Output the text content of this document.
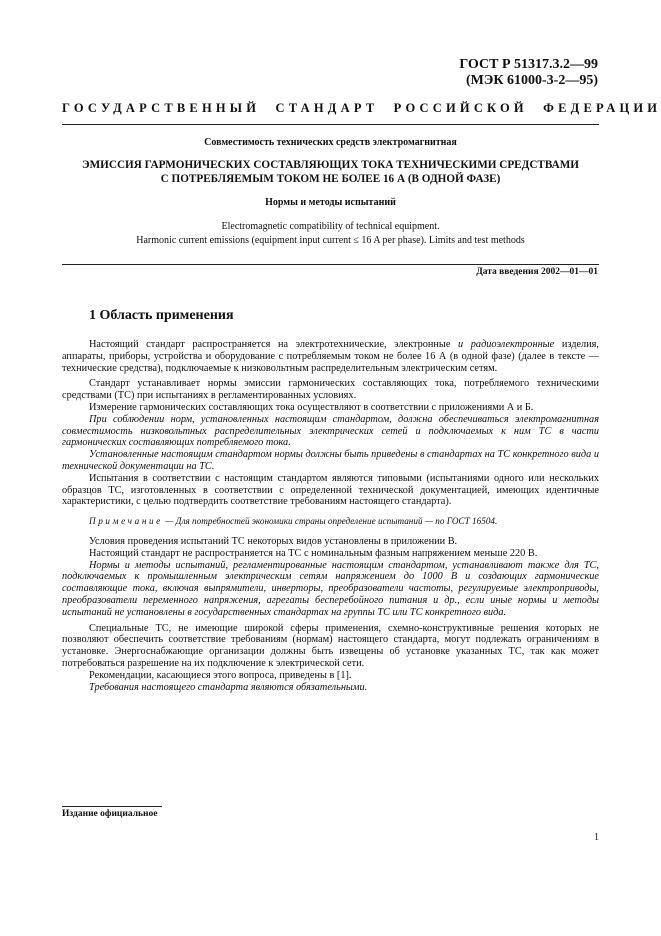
ГОСТ Р 51317.3.2—99
(МЭК 61000-3-2—95)
ГОСУДАРСТВЕННЫЙ СТАНДАРТ РОССИЙСКОЙ ФЕДЕРАЦИИ
Совместимость технических средств электромагнитная
ЭМИССИЯ ГАРМОНИЧЕСКИХ СОСТАВЛЯЮЩИХ ТОКА ТЕХНИЧЕСКИМИ СРЕДСТВАМИ
С ПОТРЕБЛЯЕМЫМ ТОКОМ НЕ БОЛЕЕ 16 А (В ОДНОЙ ФАЗЕ)
Нормы и методы испытаний
Electromagnetic compatibility of technical equipment.
Harmonic current emissions (equipment input current ≤ 16 A per phase). Limits and test methods
Дата введения 2002—01—01
1 Область применения

Настоящий стандарт распространяется на электротехнические, электронные и радиоэлектронные изделия, аппараты, приборы, устройства и оборудование с потребляемым током не более 16 А (в одной фазе) (далее в тексте — технические средства), подключаемые к низковольтным распределительным электрическим сетям.

Стандарт устанавливает нормы эмиссии гармонических составляющих тока, потребляемого техническими средствами (ТС) при испытаниях в регламентированных условиях.

Измерение гармонических составляющих тока осуществляют в соответствии с приложениями А и Б.

При соблюдении норм, установленных настоящим стандартом, должна обеспечиваться электромагнитная совместимость низковольтных распределительных электрических сетей и подключаемых к ним ТС в части гармонических составляющих потребляемого тока.

Установленные настоящим стандартом нормы должны быть приведены в стандартах на ТС конкретного вида и технической документации на ТС.

Испытания в соответствии с настоящим стандартом являются типовыми (испытаниями одного или нескольких образцов ТС, изготовленных в соответствии с определенной технической документацией, имеющих идентичные характеристики, с целью подтвердить соответствие требованиям настоящего стандарта).

Примечание — Для потребностей экономики страны определение испытаний — по ГОСТ 16504.

Условия проведения испытаний ТС некоторых видов установлены в приложении В.

Настоящий стандарт не распространяется на ТС с номинальным фазным напряжением меньше 220 В.

Нормы и методы испытаний, регламентированные настоящим стандартом, устанавливают также для ТС, подключаемых к промышленным электрическим сетям напряжением до 1000 В и создающих гармонические составляющие тока, включая выпрямители, инверторы, преобразователи частоты, регулируемые электроприводы, преобразователи переменного напряжения, агрегаты бесперебойного питания и др., если иные нормы и методы испытаний не установлены в государственных стандартах на группы ТС или ТС конкретного вида.

Специальные ТС, не имеющие широкой сферы применения, схемно-конструктивные решения которых не позволяют обеспечить соответствие требованиям (нормам) настоящего стандарта, могут подлежать ограничениям в установке. Энергоснабжающие организации должны быть извещены об установке указанных ТС, так как может потребоваться разрешение на их подключение к электрической сети.

Рекомендации, касающиеся этого вопроса, приведены в [1].

Требования настоящего стандарта являются обязательными.

Издание официальное
1
